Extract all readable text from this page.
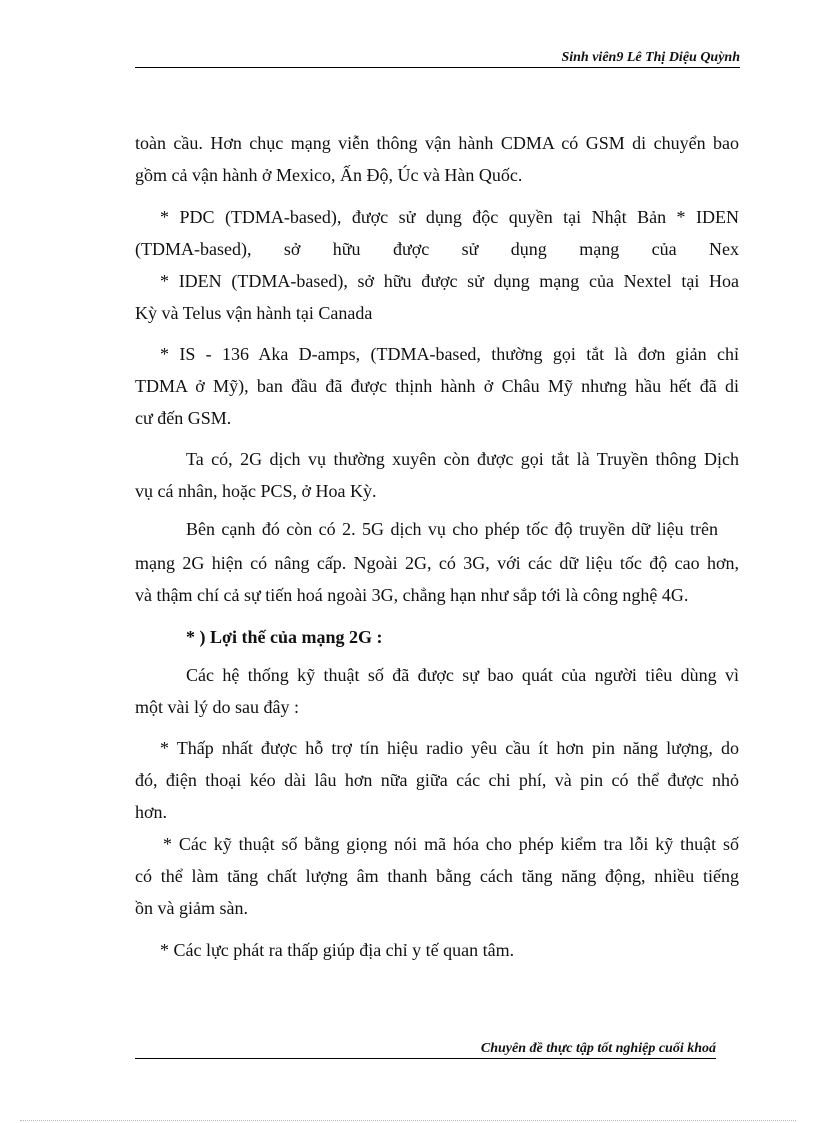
Sinh viên9 Lê Thị Diệu Quỳnh

toàn cầu. Hơn chục mạng viễn thông vận hành CDMA có GSM di chuyển bao

gồm cả vận hành ở Mexico, Ấn Độ, Úc và Hàn Quốc.

* PDC (TDMA-based), được sử dụng độc quyền tại Nhật Bản * IDEN

(TDMA-based), sở hữu được sử dụng mạng của Nex

* IDEN (TDMA-based), sở hữu được sử dụng mạng của Nextel tại Hoa

Kỳ và Telus vận hành tại Canada

* IS - 136 Aka D-amps, (TDMA-based, thường gọi tắt là đơn giản chỉ

TDMA ở Mỹ), ban đầu đã được thịnh hành ở Châu Mỹ nhưng hầu hết đã di

cư đến GSM.

Ta có, 2G dịch vụ thường xuyên còn được gọi tắt là Truyền thông Dịch

vụ cá nhân, hoặc PCS, ở Hoa Kỳ.

Bên cạnh đó còn có 2. 5G dịch vụ cho phép tốc độ truyền dữ liệu trên

mạng 2G hiện có nâng cấp. Ngoài 2G, có 3G, với các dữ liệu tốc độ cao hơn,

và thậm chí cả sự tiến hoá ngoài 3G, chẳng hạn như sắp tới là công nghệ 4G.

* ) Lợi thế của mạng 2G :

Các hệ thống kỹ thuật số đã được sự bao quát của người tiêu dùng vì

một vài lý do sau đây :

* Thấp nhất được hỗ trợ tín hiệu radio yêu cầu ít hơn pin năng lượng, do

đó, điện thoại kéo dài lâu hơn nữa giữa các chi phí, và pin có thể được nhỏ

hơn.

* Các kỹ thuật số bằng giọng nói mã hóa cho phép kiểm tra lỗi kỹ thuật số

có thể làm tăng chất lượng âm thanh bằng cách tăng năng động, nhiều tiếng

ồn và giảm sàn.

* Các lực phát ra thấp giúp địa chỉ y tế quan tâm.

Chuyên đề thực tập tốt nghiệp cuối khoá
